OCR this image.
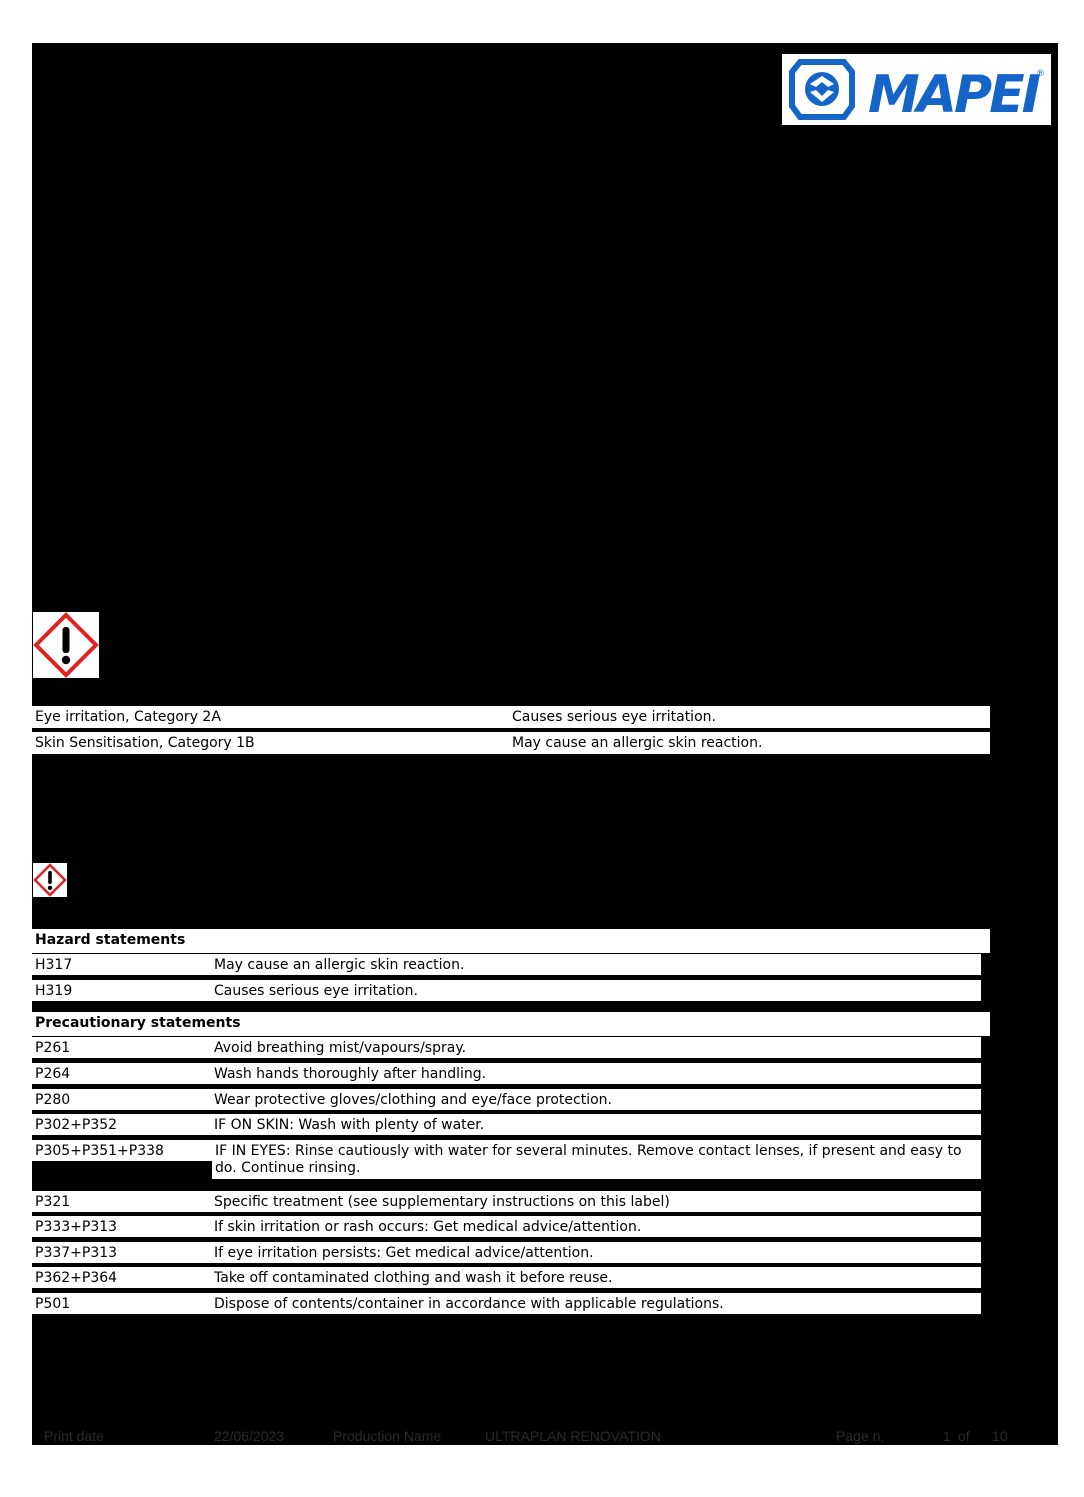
MAPEI
®
Eye irritation, Category 2A	Causes serious eye irritation.
Skin Sensitisation, Category 1B	May cause an allergic skin reaction.
Hazard statements
H317	May cause an allergic skin reaction.
H319	Causes serious eye irritation.
Precautionary statements
P261	Avoid breathing mist/vapours/spray.
P264	Wash hands thoroughly after handling.
P280	Wear protective gloves/clothing and eye/face protection.
P302+P352	IF ON SKIN: Wash with plenty of water.
P305+P351+P338	IF IN EYES: Rinse cautiously with water for several minutes. Remove contact lenses, if present and easy to do. Continue rinsing.
P321	Specific treatment (see supplementary instructions on this label)
P333+P313	If skin irritation or rash occurs: Get medical advice/attention.
P337+P313	If eye irritation persists: Get medical advice/attention.
P362+P364	Take off contaminated clothing and wash it before reuse.
P501	Dispose of contents/container in accordance with applicable regulations.
Print date	22/06/2023	Production Name	ULTRAPLAN RENOVATION	Page n.	1 of 10
